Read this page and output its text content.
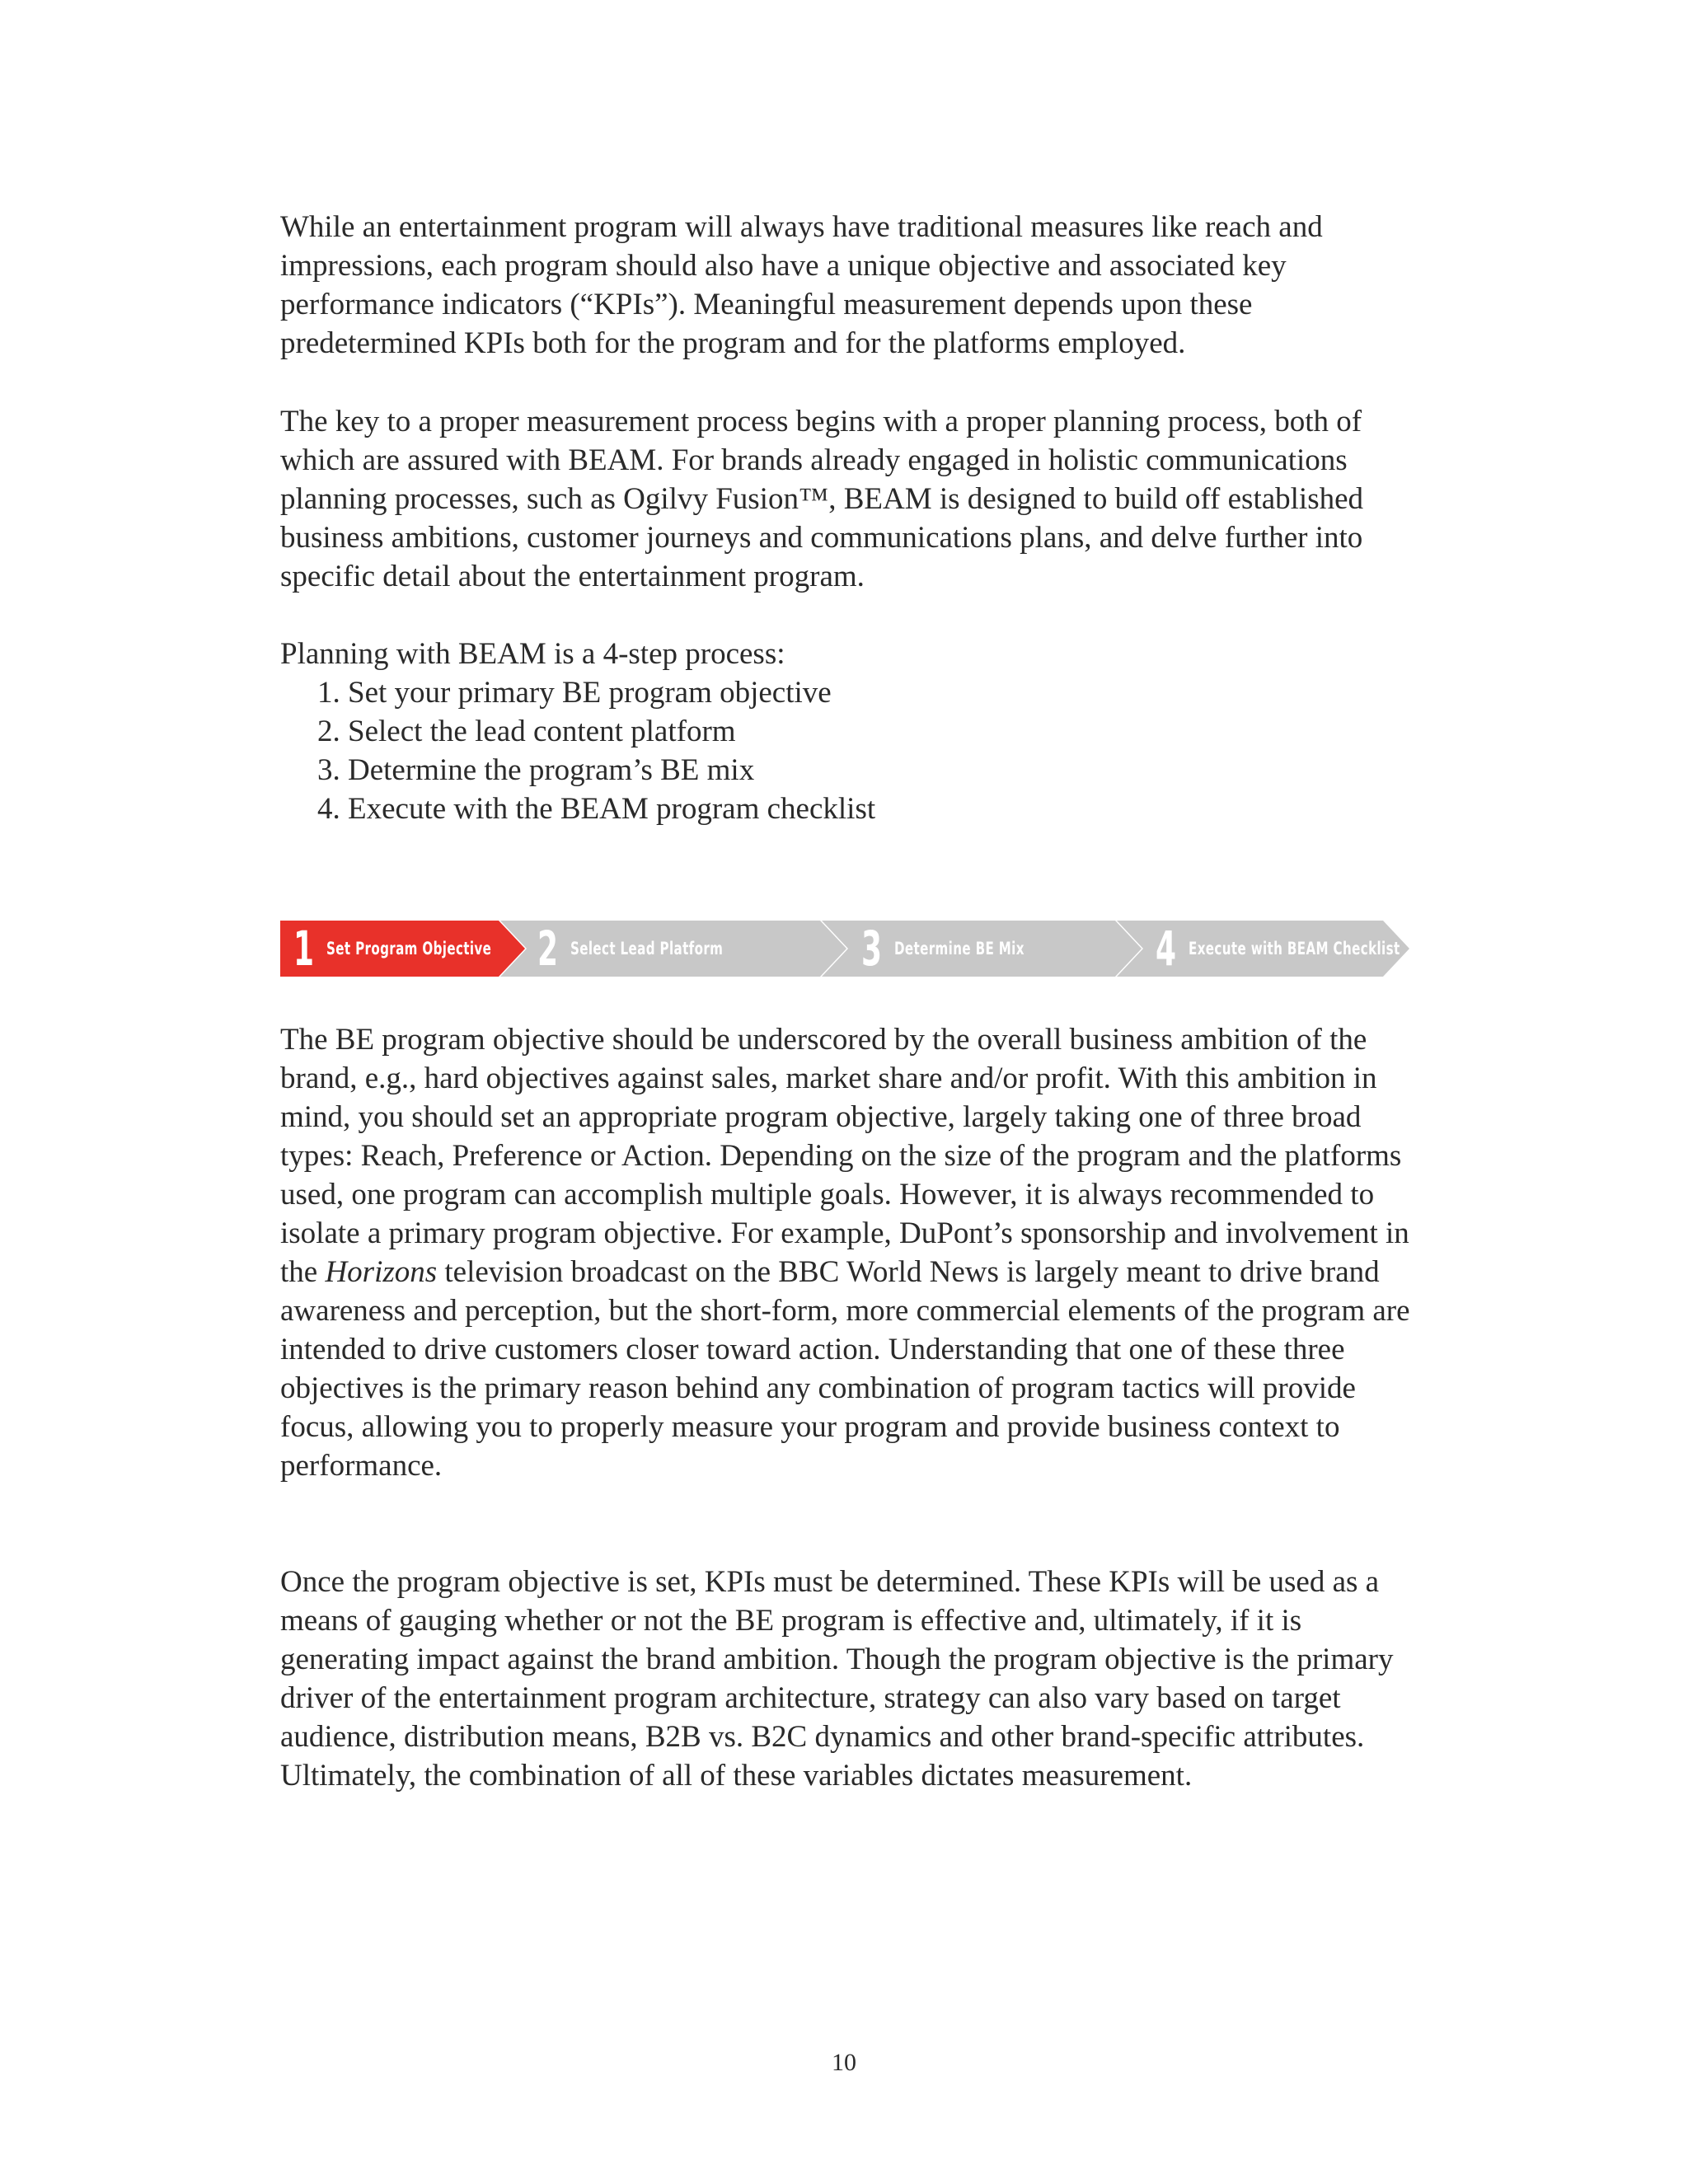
While an entertainment program will always have traditional measures like reach and impressions, each program should also have a unique objective and associated key performance indicators (“KPIs”). Meaningful measurement depends upon these predetermined KPIs both for the program and for the platforms employed.

The key to a proper measurement process begins with a proper planning process, both of which are assured with BEAM. For brands already engaged in holistic communications planning processes, such as Ogilvy Fusion™, BEAM is designed to build off established business ambitions, customer journeys and communications plans, and delve further into specific detail about the entertainment program.

Planning with BEAM is a 4-step process:

1. Set your primary BE program objective
2. Select the lead content platform
3. Determine the program’s BE mix
4. Execute with the BEAM program checklist
1 Set Program Objective 2 Select Lead Platform	3 Determine BE Mix	4 Execute with BEAM Checklist

The BE program objective should be underscored by the overall business ambition of the brand, e.g., hard objectives against sales, market share and/or profit. With this ambition in mind, you should set an appropriate program objective, largely taking one of three broad types: Reach, Preference or Action. Depending on the size of the program and the platforms used, one program can accomplish multiple goals. However, it is always recommended to isolate a primary program objective. For example, DuPont’s sponsorship and involvement in the Horizons television broadcast on the BBC World News is largely meant to drive brand awareness and perception, but the short-form, more commercial elements of the program are intended to drive customers closer toward action. Understanding that one of these three objectives is the primary reason behind any combination of program tactics will provide focus, allowing you to properly measure your program and provide business context to performance.

Once the program objective is set, KPIs must be determined. These KPIs will be used as a means of gauging whether or not the BE program is effective and, ultimately, if it is generating impact against the brand ambition. Though the program objective is the primary driver of the entertainment program architecture, strategy can also vary based on target audience, distribution means, B2B vs. B2C dynamics and other brand-specific attributes. Ultimately, the combination of all of these variables dictates measurement.

10
